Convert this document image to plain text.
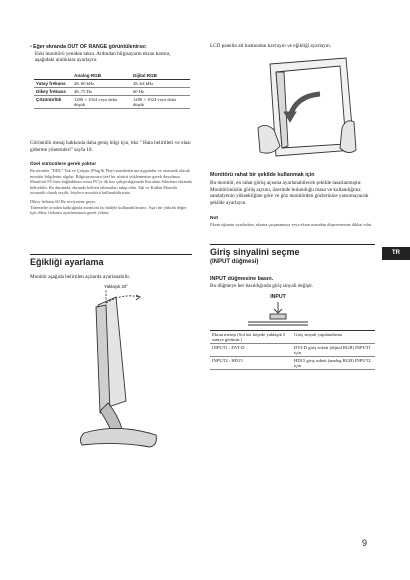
• Eğer ekranda OUT OF RANGE görüntülenirse:
Eski monitörü yeniden takın. Ardından bilgisayarın ekran kartını, aşağıdaki aralıklara ayarlayın.
	Analog RGB	Dijital RGB
Yatay frekans	28–80 kHz	28–64 kHz
Dikey frekans	48–75 Hz	60 Hz
Çözünürlük	1280 × 1024 veya daha düşük	1280 × 1024 veya daha düşük
Görüntülü mesaj hakkında daha geniş bilgi için, bkz " Hata belirtileri ve olası giderme yöntemleri" sayfa 18.
Özel sürücülere gerek yoktur
Bu monitör "DDC" Tak ve Çalıştır (Plug & Play) standartlarına uygundur ve otomatik olarak monitör bilgilerini algılar. Bilgisayarınıza özel bir sürücü yüklemenize gerek duyulmaz.
Monitörü PC'nize bağladıktan sonra PC'yi ilk kez çalıştırdığınızda Kurulum Sihirbazı ekranda belirebilir. Bu durumda, ekranda beliren talimatları takip edin. Tak ve Kullan Monitör otomatik olarak seçilir, böylece monitörü kullanabilirsiniz.
Dikey frekans 60 Hz seviyesine geçer.
Titremeler ortadan kalktığında monitörü bu haliyle kullanabilirsiniz. Aşırı bir yüksek değer için dikey frekansı ayarlamanıza gerek yoktur.
Eğikliği ayarlama
Monitör aşağıda belirtilen açılarda ayarlanabilir.
Yaklaşık 20°
LCD panelin alt kısmından kavrayın ve eğikliği ayarlayın.
Monitörü rahat bir şekilde kullanmak için
Bu monitör, en rahat görüş açısına ayarlanabilecek şekilde tasarlanmıştır. Monitörünüzün görüş açısını, üzerinde bulunduğu masa ve kullandığınız sandalyenin yüksekliğine göre ve göz monitörden gözlerinize yansımayacak şekilde ayarlayın.
Not
Ekran eğimini ayarlarken, ekrana çarpmamaya veya ekran masadan düşmemesine dikkat edin.
Giriş sinyalini seçme
(INPUT düğmesi)
INPUT düğmesine basın.
Bu düğmeye her basıldığında giriş sinyali değişir.
INPUT
Ekran mesajı (Sol üst köşede yaklaşık 5 saniye görünür.)	Giriş sinyali yapılandırma
INPUT1 : DVI-D	DVI-D giriş soketi (dijital RGB) INPUT1 için
INPUT2 : HD15	HD15 giriş soketi (analog RGB) INPUT2 için
TR
9
